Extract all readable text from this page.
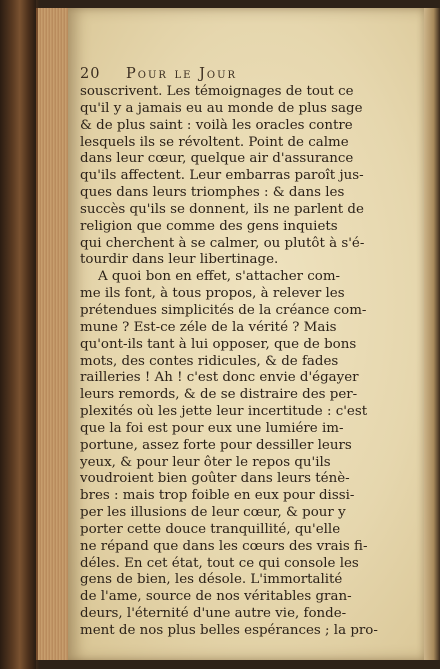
20 Pour le Jour
souscrivent. Les témoignages de tout ce
qu'il y a jamais eu au monde de plus sage
& de plus saint : voilà les oracles contre
lesquels ils se révoltent. Point de calme
dans leur cœur, quelque air d'assurance
qu'ils affectent. Leur embarras paroît jus-
ques dans leurs triomphes : & dans les
succès qu'ils se donnent, ils ne parlent de
religion que comme des gens inquiets
qui cherchent à se calmer, ou plutôt à s'é-
tourdir dans leur libertinage.
A quoi bon en effet, s'attacher com-
me ils font, à tous propos, à relever les
prétendues simplicités de la créance com-
mune ? Est-ce zéle de la vérité ? Mais
qu'ont-ils tant à lui opposer, que de bons
mots, des contes ridicules, & de fades
railleries ! Ah ! c'est donc envie d'égayer
leurs remords, & de se distraire des per-
plexités où les jette leur incertitude : c'est
que la foi est pour eux une lumiére im-
portune, assez forte pour dessiller leurs
yeux, & pour leur ôter le repos qu'ils
voudroient bien goûter dans leurs ténè-
bres : mais trop foible en eux pour dissi-
per les illusions de leur cœur, & pour y
porter cette douce tranquillité, qu'elle
ne répand que dans les cœurs des vrais fi-
déles. En cet état, tout ce qui console les
gens de bien, les désole. L'immortalité
de l'ame, source de nos véritables gran-
deurs, l'éternité d'une autre vie, fonde-
ment de nos plus belles espérances ; la pro-
